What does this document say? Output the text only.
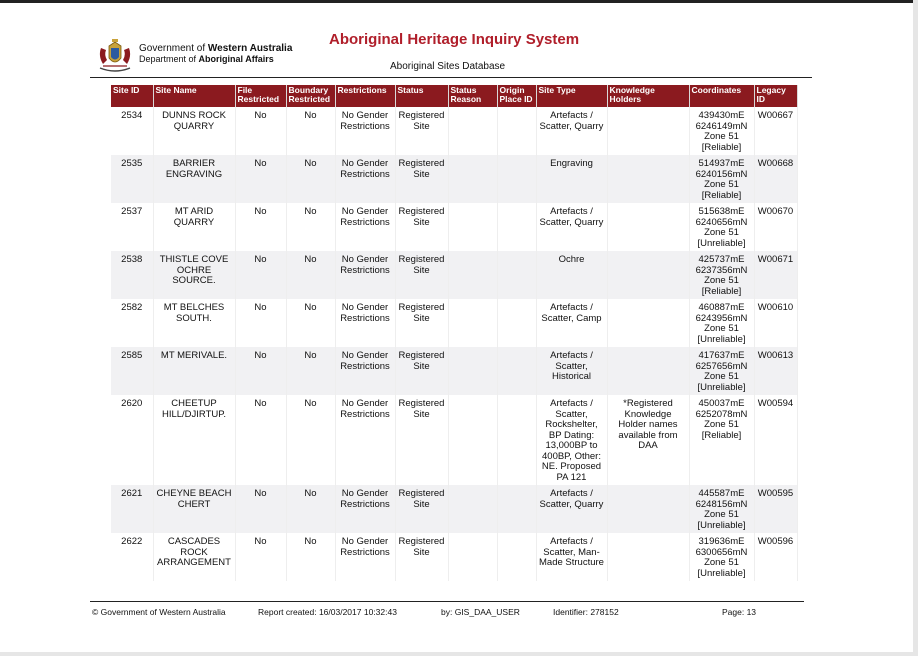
Government of Western Australia
Department of Aboriginal Affairs
Aboriginal Heritage Inquiry System
Aboriginal Sites Database
Site ID	Site Name	File Restricted	Boundary Restricted	Restrictions	Status	Status Reason	Origin Place ID	Site Type	Knowledge Holders	Coordinates	Legacy ID
2534	DUNNS ROCK QUARRY	No	No	No Gender Restrictions	Registered Site			Artefacts / Scatter, Quarry		439430mE
6246149mN
Zone 51
[Reliable]	W00667
2535	BARRIER ENGRAVING	No	No	No Gender Restrictions	Registered Site			Engraving		514937mE
6240156mN
Zone 51
[Reliable]	W00668
2537	MT ARID QUARRY	No	No	No Gender Restrictions	Registered Site			Artefacts / Scatter, Quarry		515638mE
6240656mN
Zone 51
[Unreliable]	W00670
2538	THISTLE COVE OCHRE SOURCE.	No	No	No Gender Restrictions	Registered Site			Ochre		425737mE
6237356mN
Zone 51
[Reliable]	W00671
2582	MT BELCHES SOUTH.	No	No	No Gender Restrictions	Registered Site			Artefacts / Scatter, Camp		460887mE
6243956mN
Zone 51
[Unreliable]	W00610
2585	MT MERIVALE.	No	No	No Gender Restrictions	Registered Site			Artefacts / Scatter, Historical		417637mE
6257656mN
Zone 51
[Unreliable]	W00613
2620	CHEETUP HILL/DJIRTUP.	No	No	No Gender Restrictions	Registered Site			Artefacts / Scatter, Rockshelter, BP Dating: 13,000BP to 400BP, Other: NE. Proposed PA 121	*Registered Knowledge Holder names available from DAA	450037mE
6252078mN
Zone 51
[Reliable]	W00594
2621	CHEYNE BEACH CHERT	No	No	No Gender Restrictions	Registered Site			Artefacts / Scatter, Quarry		445587mE
6248156mN
Zone 51
[Unreliable]	W00595
2622	CASCADES ROCK ARRANGEMENT	No	No	No Gender Restrictions	Registered Site			Artefacts / Scatter, Man-Made Structure		319636mE
6300656mN
Zone 51
[Unreliable]	W00596
© Government of Western Australia	Report created: 16/03/2017 10:32:43	by: GIS_DAA_USER	Identifier: 278152	Page: 13
